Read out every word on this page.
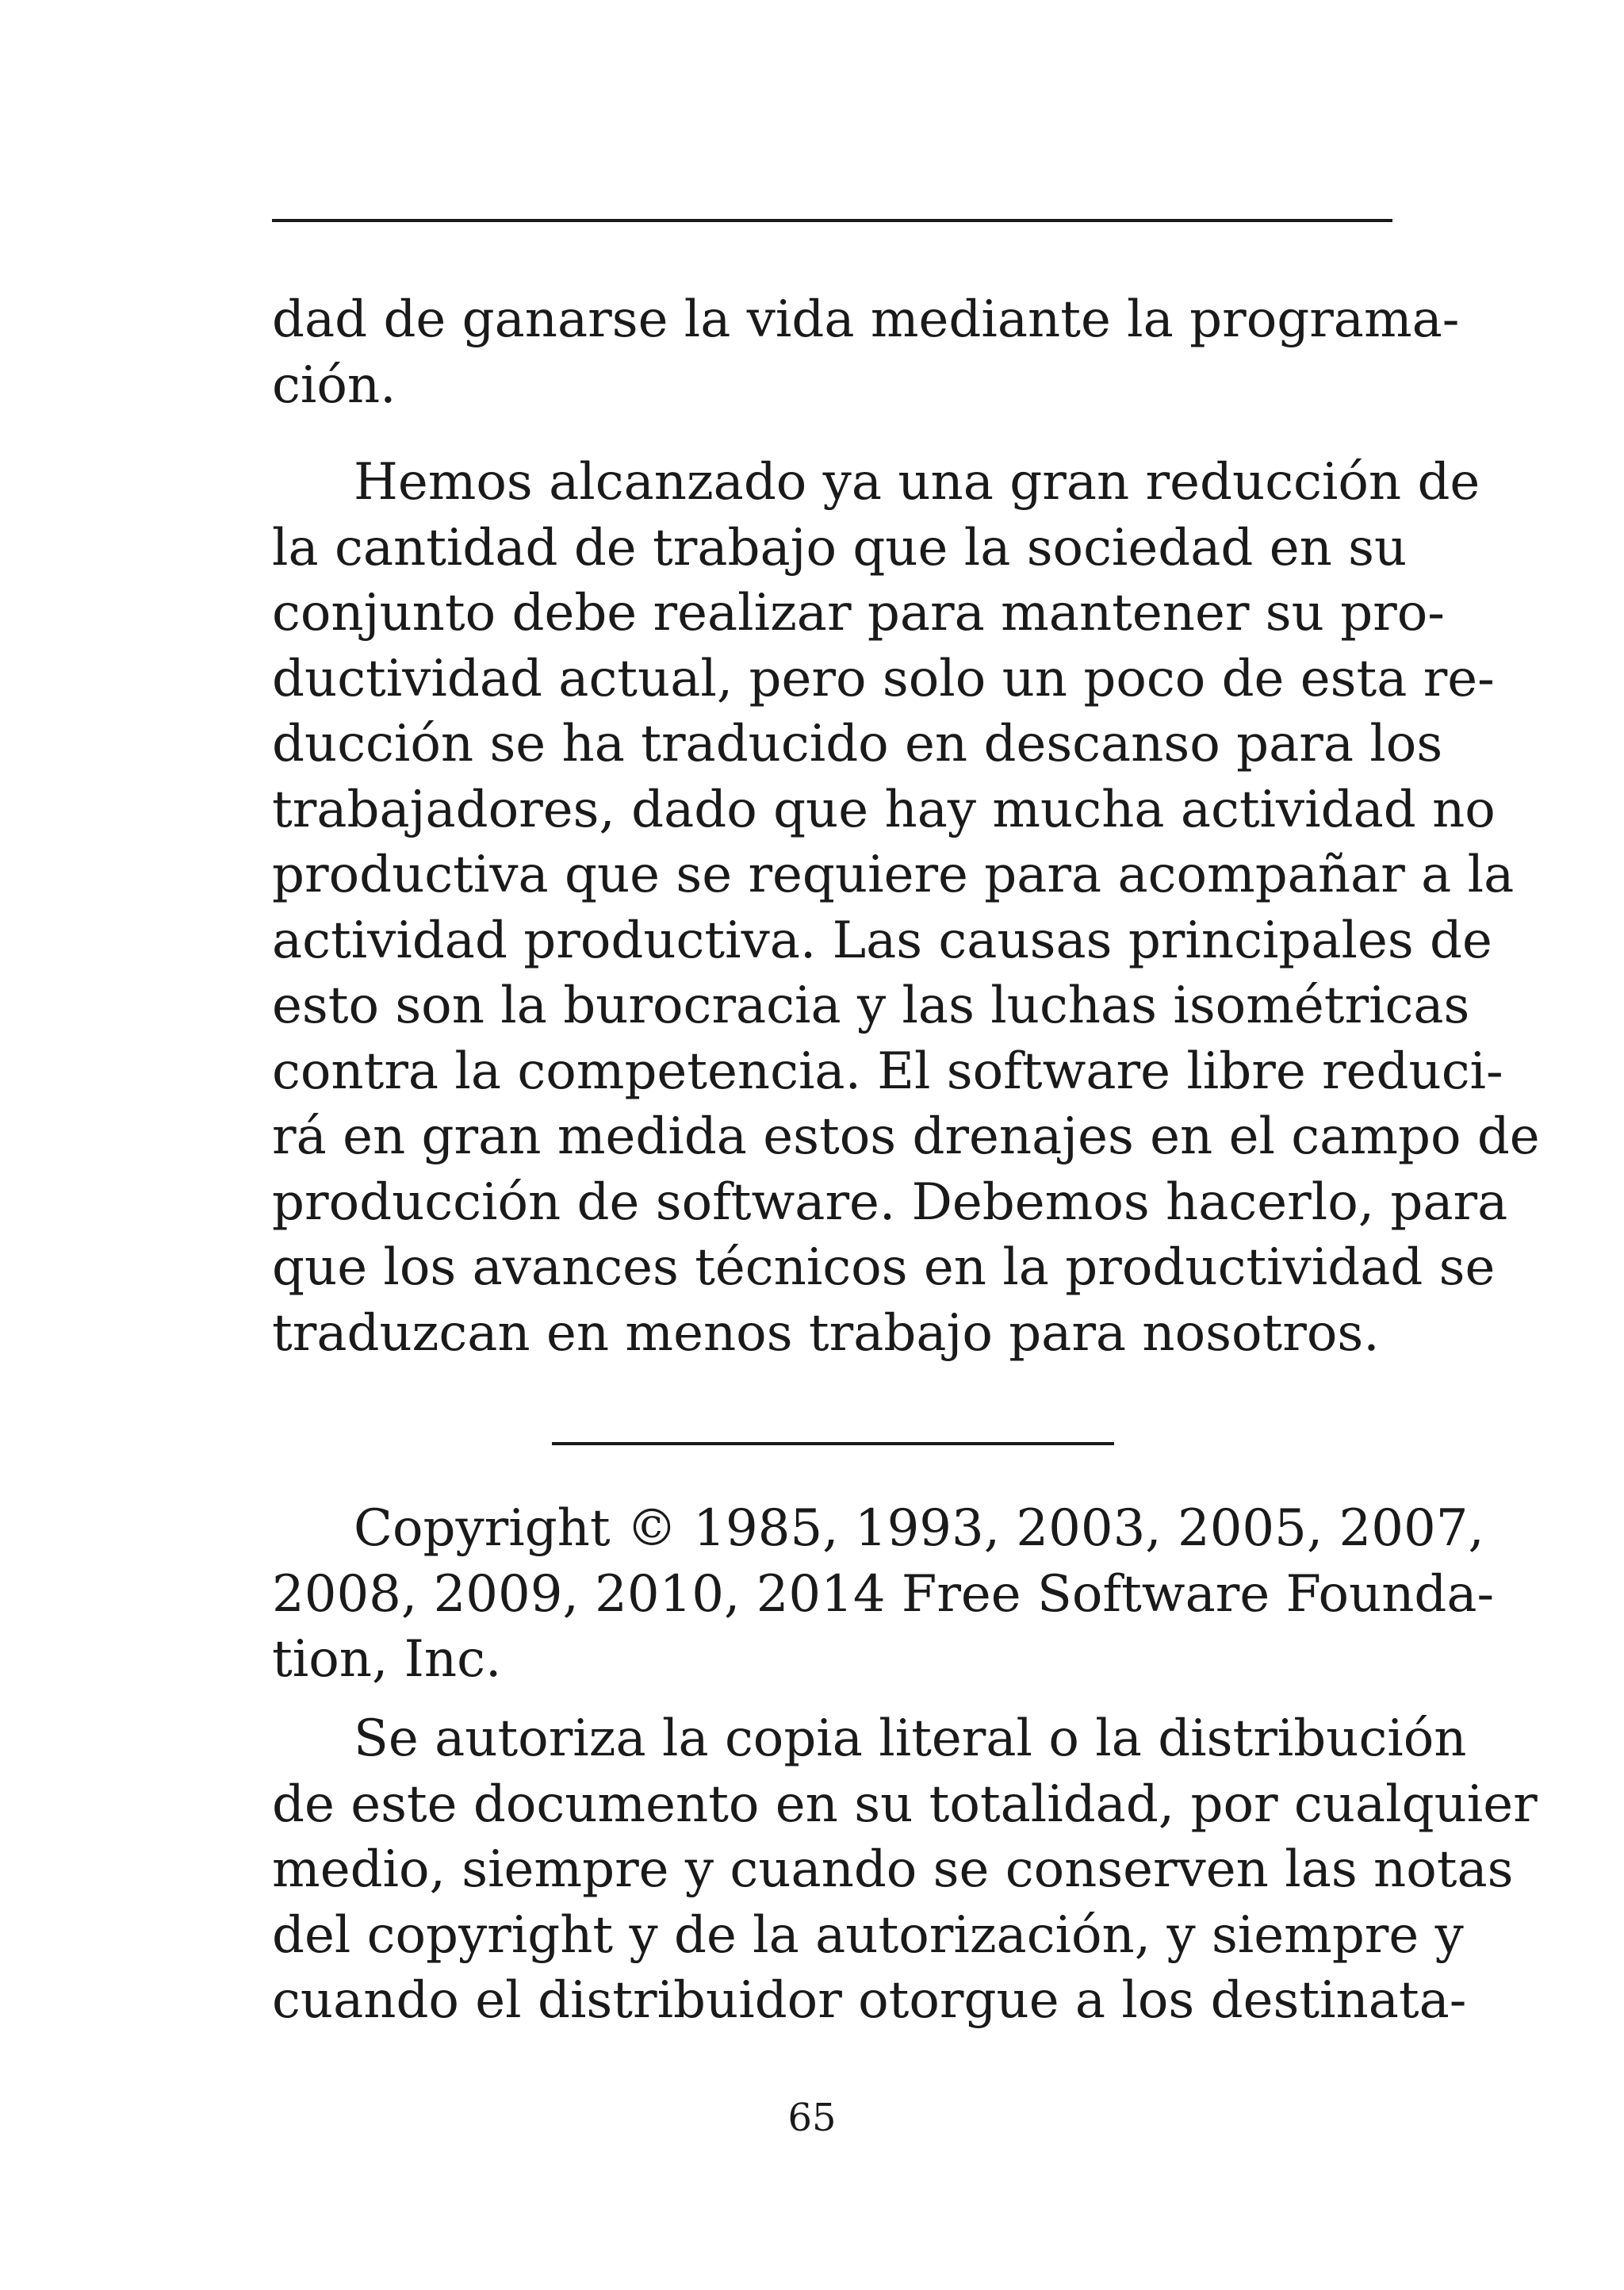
dad de ganarse la vida mediante la programa-
ción.
Hemos alcanzado ya una gran reducción de
la cantidad de trabajo que la sociedad en su
conjunto debe realizar para mantener su pro-
ductividad actual, pero solo un poco de esta re-
ducción se ha traducido en descanso para los
trabajadores, dado que hay mucha actividad no
productiva que se requiere para acompañar a la
actividad productiva. Las causas principales de
esto son la burocracia y las luchas isométricas
contra la competencia. El software libre reduci-
rá en gran medida estos drenajes en el campo de
producción de software. Debemos hacerlo, para
que los avances técnicos en la productividad se
traduzcan en menos trabajo para nosotros.
Copyright © 1985, 1993, 2003, 2005, 2007,
2008, 2009, 2010, 2014 Free Software Founda-
tion, Inc.
Se autoriza la copia literal o la distribución
de este documento en su totalidad, por cualquier
medio, siempre y cuando se conserven las notas
del copyright y de la autorización, y siempre y
cuando el distribuidor otorgue a los destinata-
65
